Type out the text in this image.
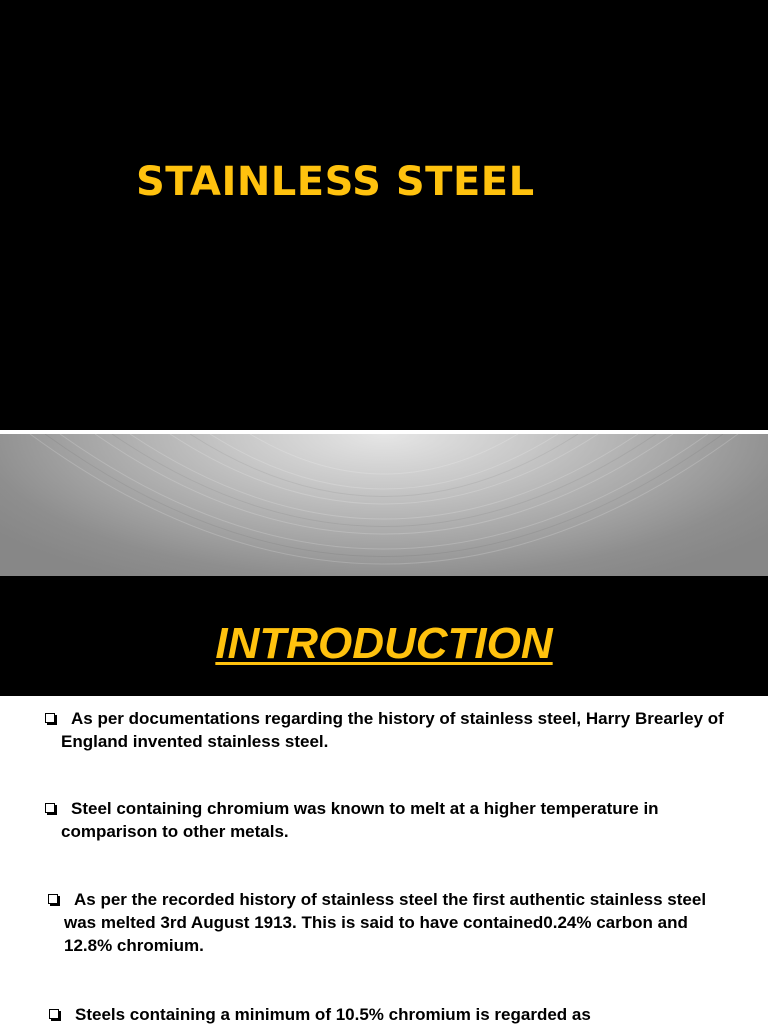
STAINLESS STEEL
INTRODUCTION
As per documentations regarding the history of stainless steel, Harry Brearley of England invented stainless steel.
Steel containing chromium was known to melt at a higher temperature in comparison to other metals.
As per the recorded history of stainless steel the first authentic stainless steel was melted 3rd August 1913. This is said to have contained0.24% carbon and 12.8% chromium.
Steels containing a minimum of 10.5% chromium is regarded as
